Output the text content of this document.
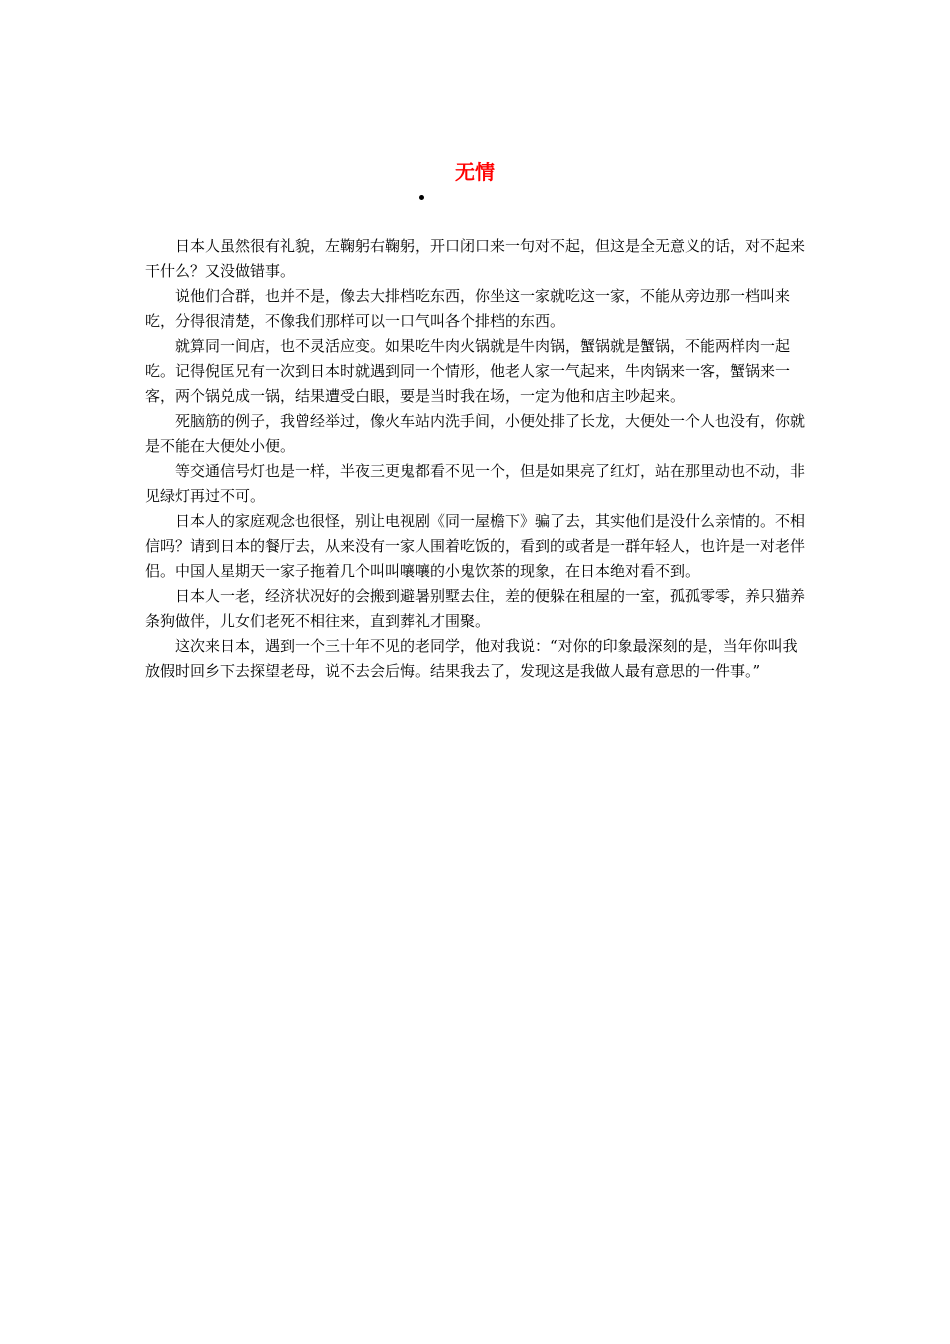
无情

日本人虽然很有礼貌，左鞠躬右鞠躬，开口闭口来一句对不起，但这是全无意义的话，对不起来干什么？又没做错事。

说他们合群，也并不是，像去大排档吃东西，你坐这一家就吃这一家，不能从旁边那一档叫来吃，分得很清楚，不像我们那样可以一口气叫各个排档的东西。

就算同一间店，也不灵活应变。如果吃牛肉火锅就是牛肉锅，蟹锅就是蟹锅，不能两样肉一起吃。记得倪匡兄有一次到日本时就遇到同一个情形，他老人家一气起来，牛肉锅来一客，蟹锅来一客，两个锅兑成一锅，结果遭受白眼，要是当时我在场，一定为他和店主吵起来。

死脑筋的例子，我曾经举过，像火车站内洗手间，小便处排了长龙，大便处一个人也没有，你就是不能在大便处小便。

等交通信号灯也是一样，半夜三更鬼都看不见一个，但是如果亮了红灯，站在那里动也不动，非见绿灯再过不可。

日本人的家庭观念也很怪，别让电视剧《同一屋檐下》骗了去，其实他们是没什么亲情的。不相信吗？请到日本的餐厅去，从来没有一家人围着吃饭的，看到的或者是一群年轻人，也许是一对老伴侣。中国人星期天一家子拖着几个叫叫嚷嚷的小鬼饮茶的现象，在日本绝对看不到。

日本人一老，经济状况好的会搬到避暑别墅去住，差的便躲在租屋的一室，孤孤零零，养只猫养条狗做伴，儿女们老死不相往来，直到葬礼才围聚。

这次来日本，遇到一个三十年不见的老同学，他对我说：“对你的印象最深刻的是，当年你叫我放假时回乡下去探望老母，说不去会后悔。结果我去了，发现这是我做人最有意思的一件事。”
